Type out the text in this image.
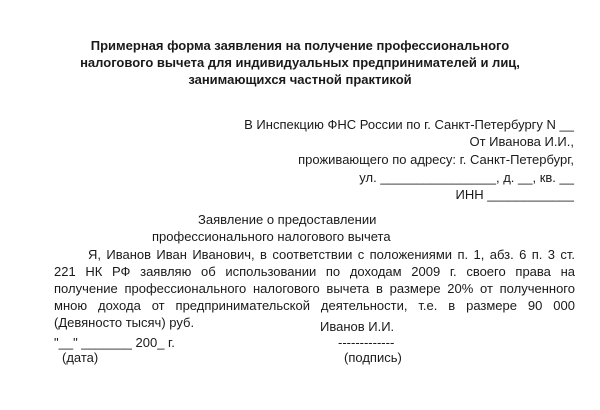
Примерная форма заявления на получение профессионального

налогового вычета для индивидуальных предпринимателей и лиц,

занимающихся частной практикой

В Инспекцию ФНС России по г. Санкт-Петербургу N __

От Иванова И.И.,

проживающего по адресу: г. Санкт-Петербург,

ул. ________________, д. __, кв. __

ИНН ____________

Заявление о предоставлении

профессионального налогового вычета

Я, Иванов Иван Иванович, в соответствии с положениями п. 1, абз. 6 п. 3 ст.

221 НК РФ заявляю об использовании по доходам 2009 г. своего права на

получение профессионального налогового вычета в размере 20% от полученного

мною дохода от предпринимательской деятельности, т.е. в размере 90 000

(Девяносто тысяч) руб.	Иванов И.И.

"__" _______ 200_ г.	-------------

(дата)	(подпись)
